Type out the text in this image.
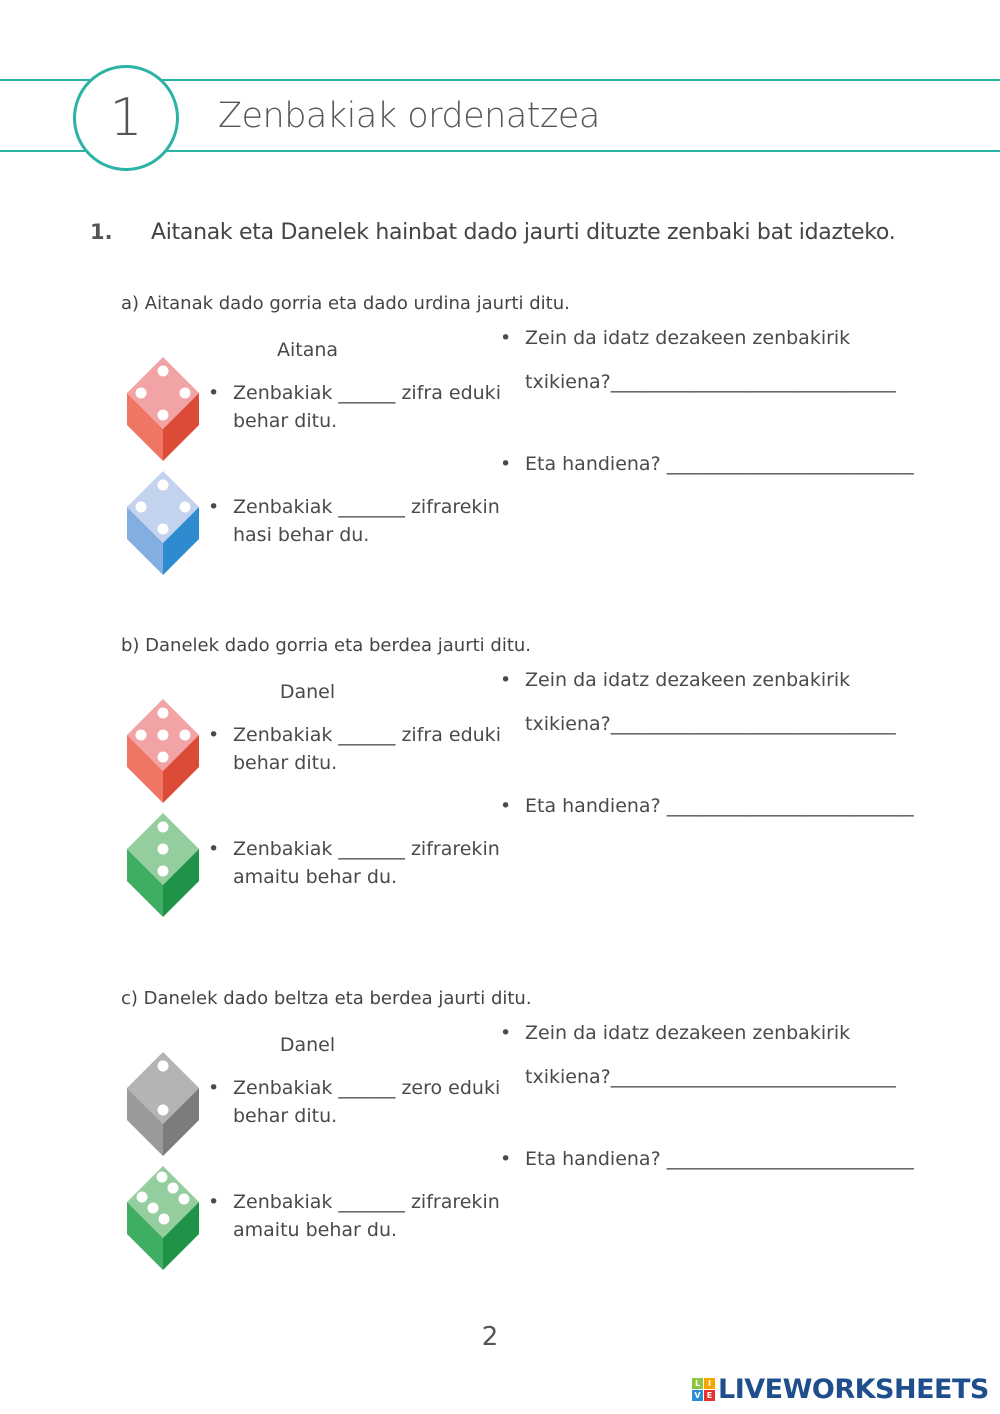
1	Zenbakiak ordenatzea
1. Aitanak eta Danelek hainbat dado jaurti dituzte zenbaki bat idazteko.
a) Aitanak dado gorria eta dado urdina jaurti ditu.
Aitana
• Zenbakiak ______ zifra eduki
behar ditu.
• Zenbakiak _______ zifrarekin
hasi behar du.
• Zein da idatz dezakeen zenbakirik
txikiena?______________________________
• Eta handiena? __________________________
b) Danelek dado gorria eta berdea jaurti ditu.
Danel
• Zenbakiak ______ zifra eduki
behar ditu.
• Zenbakiak _______ zifrarekin
amaitu behar du.
• Zein da idatz dezakeen zenbakirik
txikiena?______________________________
• Eta handiena? __________________________
c) Danelek dado beltza eta berdea jaurti ditu.
Danel
• Zenbakiak ______ zero eduki
behar ditu.
• Zenbakiak _______ zifrarekin
amaitu behar du.
• Zein da idatz dezakeen zenbakirik
txikiena?______________________________
• Eta handiena? __________________________
2
L I
V E LIVEWORKSHEETS
